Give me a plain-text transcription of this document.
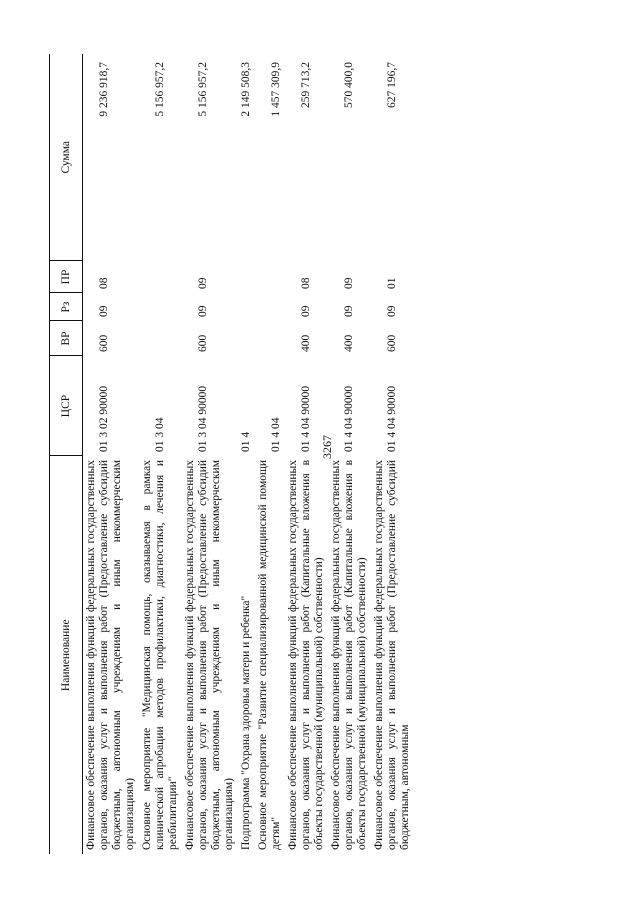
3267
Наименование	ЦСР	ВР	Рз	ПР	Сумма
Финансовое обеспечение выполнения функций федеральных государственных органов, оказания услуг и выполнения работ (Предоставление субсидий бюджетным, автономным учреждениям и иным некоммерческим организациям)	01 3 02 90000	600	09	08	9 236 918,7
Основное мероприятие "Медицинская помощь, оказываемая в рамках клинической апробации методов профилактики, диагностики, лечения и реабилитации"	01 3 04				5 156 957,2
Финансовое обеспечение выполнения функций федеральных государственных органов, оказания услуг и выполнения работ (Предоставление субсидий бюджетным, автономным учреждениям и иным некоммерческим организациям)	01 3 04 90000	600	09	09	5 156 957,2
Подпрограмма "Охрана здоровья матери и ребенка"	01 4				2 149 508,3
Основное мероприятие "Развитие специализированной медицинской помощи детям"	01 4 04				1 457 309,9
Финансовое обеспечение выполнения функций федеральных государственных органов, оказания услуг и выполнения работ (Капитальные вложения в объекты государственной (муниципальной) собственности)	01 4 04 90000	400	09	08	259 713,2
Финансовое обеспечение выполнения функций федеральных государственных органов, оказания услуг и выполнения работ (Капитальные вложения в объекты государственной (муниципальной) собственности)	01 4 04 90000	400	09	09	570 400,0
Финансовое обеспечение выполнения функций федеральных государственных органов, оказания услуг и выполнения работ (Предоставление субсидий бюджетным, автономным	01 4 04 90000	600	09	01	627 196,7
